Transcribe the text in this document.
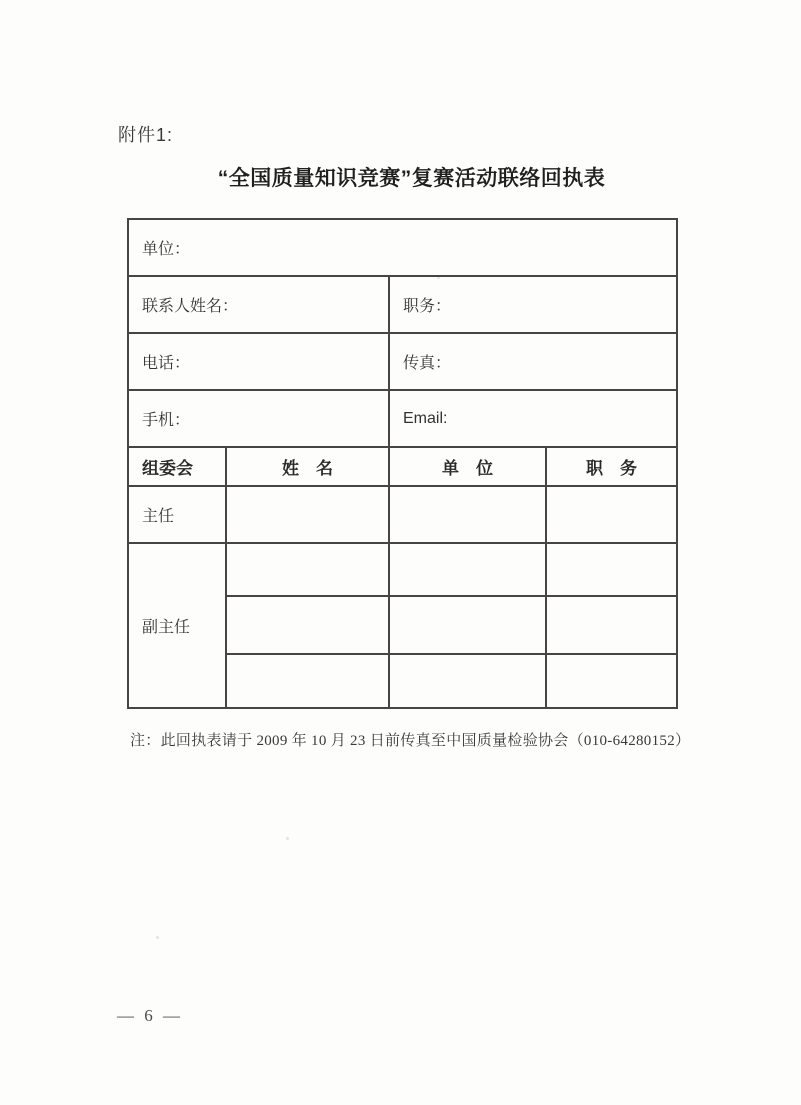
附件1:
“全国质量知识竞赛”复赛活动联络回执表
单位：			
联系人姓名：		职务：	
电话：		传真：	
手机：		Email:	
组委会	姓　名	单　位	职　务
主任			
副主任			

注：此回执表请于 2009 年 10 月 23 日前传真至中国质量检验协会（010-64280152）
— 6 —
